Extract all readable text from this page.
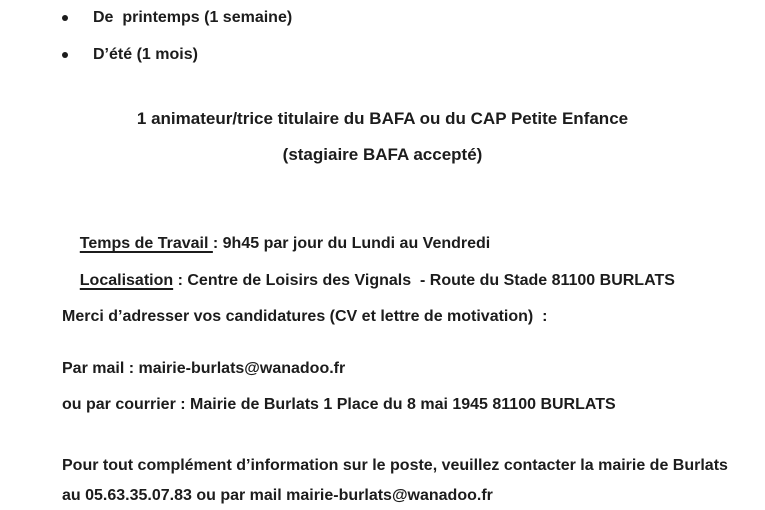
De  printemps (1 semaine)
D’été (1 mois)
1 animateur/trice titulaire du BAFA ou du CAP Petite Enfance
(stagiaire BAFA accepté)

Temps de Travail : 9h45 par jour du Lundi au Vendredi

Localisation : Centre de Loisirs des Vignals  - Route du Stade 81100 BURLATS

Merci d’adresser vos candidatures (CV et lettre de motivation)  :
Par mail : mairie-burlats@wanadoo.fr
ou par courrier : Mairie de Burlats 1 Place du 8 mai 1945 81100 BURLATS
Pour tout complément d’information sur le poste, veuillez contacter la mairie de Burlats
au 05.63.35.07.83 ou par mail mairie-burlats@wanadoo.fr
